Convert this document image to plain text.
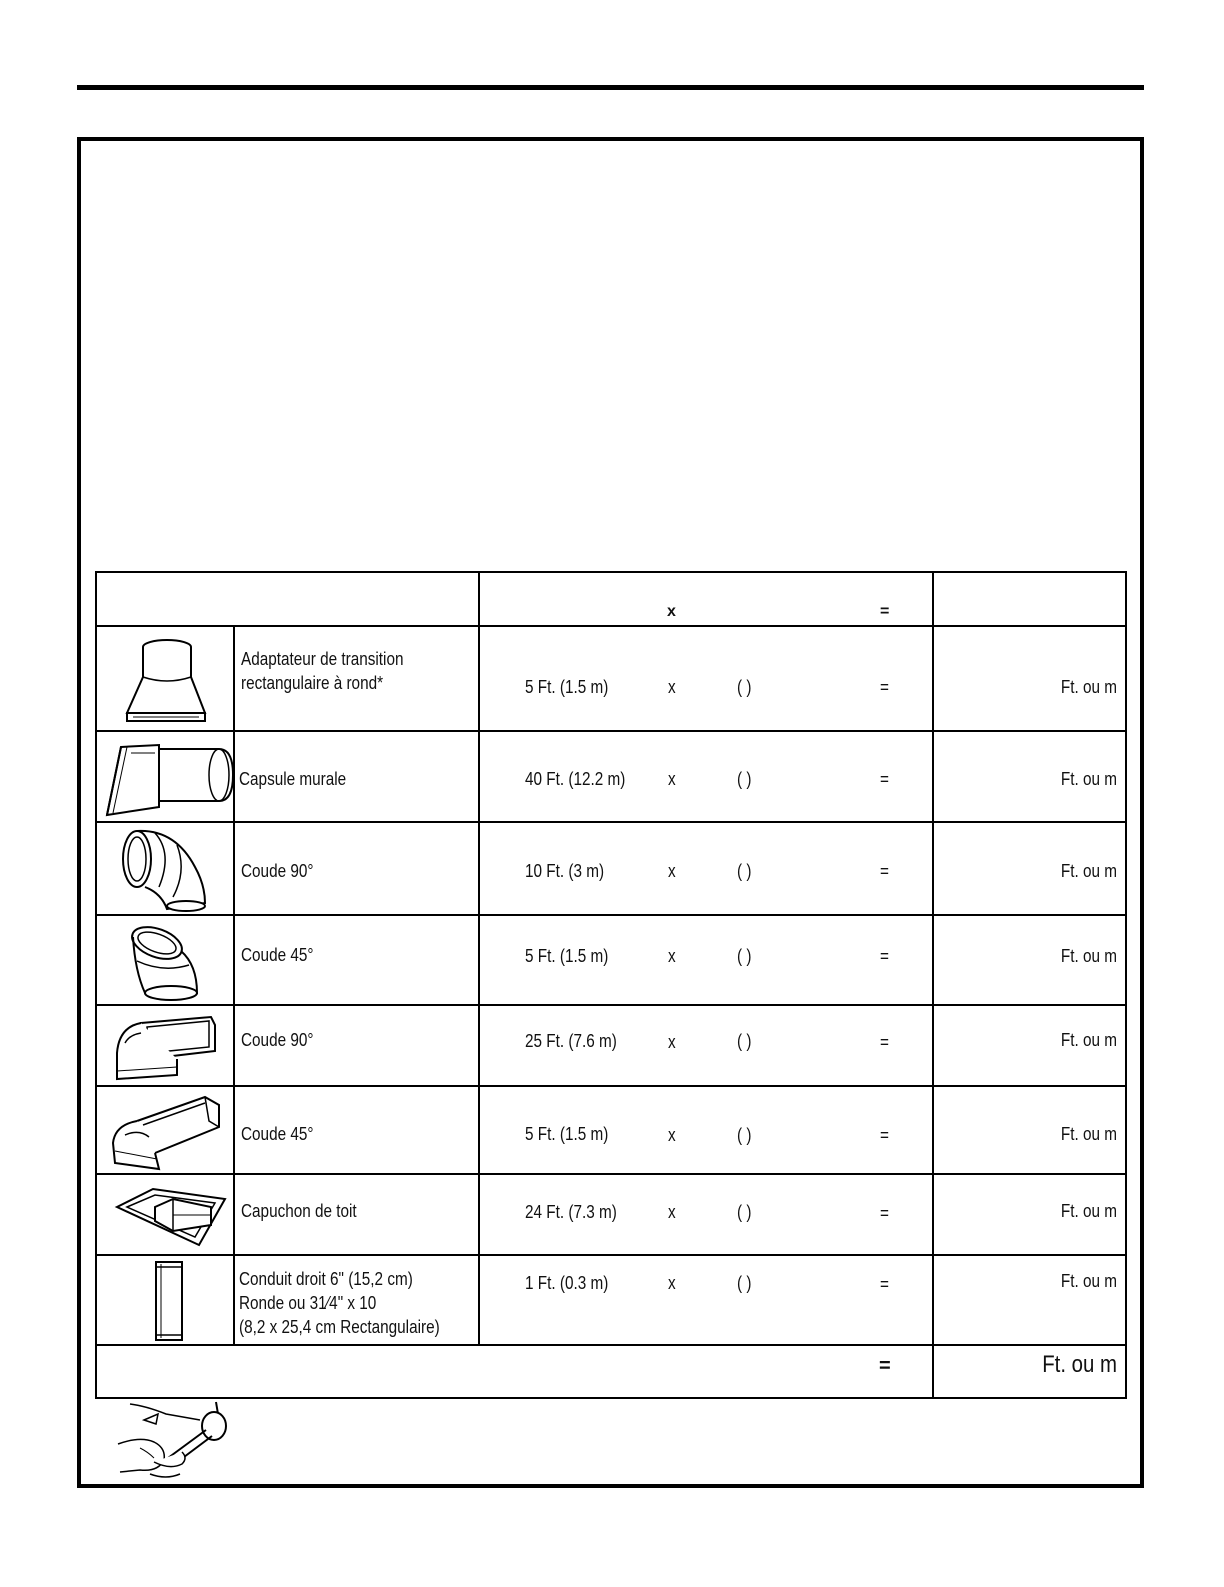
x	=
Adaptateur de transition
rectangulaire à rond*	5 Ft. (1.5 m)	x	( )	=	Ft. ou m
Capsule murale	40 Ft. (12.2 m) x	( )	=	Ft. ou m
Coude 90°	10 Ft. (3 m)	x	( )	=	Ft. ou m
Coude 45°	5 Ft. (1.5 m)	x	( )	=	Ft. ou m
Coude 90°	25 Ft. (7.6 m)	x	( )	=	Ft. ou m
Coude 45°	5 Ft. (1.5 m)	x	( )	=	Ft. ou m
Capuchon de toit	24 Ft. (7.3 m)	x	( )	=	Ft. ou m
Conduit droit 6" (15,2 cm)
Ronde ou 31⁄4" x 10
(8,2 x 25,4 cm Rectangulaire)
1 Ft. (0.3 m)	x	( )	=	Ft. ou m
=	Ft. ou m
